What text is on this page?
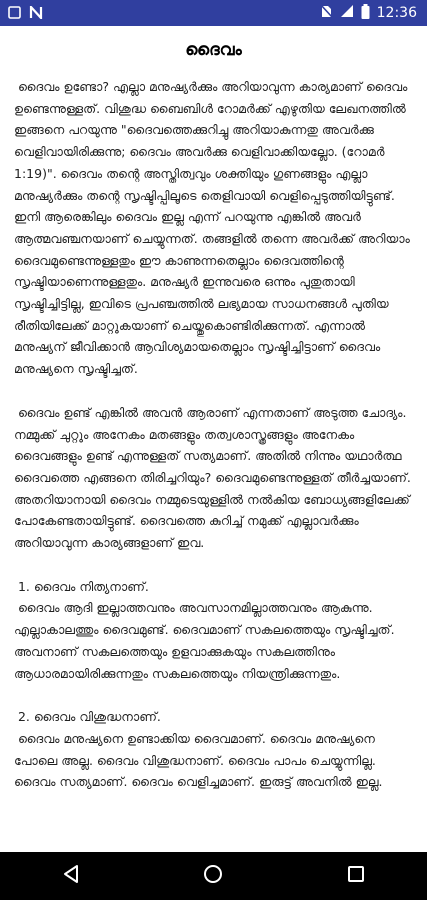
12:36
ദൈവം

ദൈവം ഉണ്ടോ? എല്ലാ മനുഷ്യർക്കും അറിയാവുന്ന കാര്യമാണ് ദൈവം ഉണ്ടെന്നുള്ളത്. വിശുദ്ധ ബൈബിൾ റോമർക്ക് എഴുതിയ ലേഖനത്തിൽ ഇങ്ങനെ പറയുന്നു "ദൈവത്തെക്കുറിച്ചു അറിയാകുന്നതു അവർക്കു വെളിവായിരിക്കുന്നു; ദൈവം അവർക്കു വെളിവാക്കിയല്ലോ. (റോമർ 1:19)". ദൈവം തന്റെ അസ്തിത്വവും ശക്തിയും ഗുണങ്ങളും എല്ലാ മനുഷ്യർക്കും തന്റെ സൃഷ്ടിപ്പിലൂടെ തെളിവായി വെളിപ്പെടുത്തിയിട്ടുണ്ട്. ഇനി ആരെങ്കിലും ദൈവം ഇല്ല എന്ന് പറയുന്നു എങ്കിൽ അവർ ആത്മവഞ്ചനയാണ് ചെയ്യുന്നത്. തങ്ങളിൽ തന്നെ അവർക്ക് അറിയാം ദൈവമുണ്ടെന്നുള്ളതും ഈ കാണുന്നതെല്ലാം ദൈവത്തിന്റെ സൃഷ്ടിയാണെന്നുള്ളതും. മനുഷ്യർ ഇന്നുവരെ ഒന്നും പുതുതായി സൃഷ്ടിച്ചിട്ടില്ല, ഇവിടെ പ്രപഞ്ചത്തിൽ ലഭ്യമായ സാധനങ്ങൾ പുതിയ രീതിയിലേക്ക് മാറ്റുകയാണ് ചെയ്തുകൊണ്ടിരിക്കുന്നത്. എന്നാൽ മനുഷ്യന് ജീവിക്കാൻ ആവിശ്യമായതെല്ലാം സൃഷ്ടിച്ചിട്ടാണ് ദൈവം മനുഷ്യനെ സൃഷ്ടിച്ചത്.

ദൈവം ഉണ്ട് എങ്കിൽ അവൻ ആരാണ് എന്നതാണ് അടുത്ത ചോദ്യം. നമ്മുക്ക് ചുറ്റും അനേകം മതങ്ങളും തത്വശാസ്ത്രങ്ങളും അനേകം ദൈവങ്ങളും ഉണ്ട് എന്നുള്ളത് സത്യമാണ്. അതിൽ നിന്നും യഥാർത്ഥ ദൈവത്തെ എങ്ങനെ തിരിച്ചറിയും? ദൈവമുണ്ടെന്നുള്ളത് തീർച്ചയാണ്. അതറിയാനായി ദൈവം നമ്മുടെയുള്ളിൽ നൽകിയ ബോധ്യങ്ങളിലേക്ക് പോകേണ്ടതായിട്ടുണ്ട്. ദൈവത്തെ കുറിച്ച് നമുക്ക് എല്ലാവർക്കും അറിയാവുന്ന കാര്യങ്ങളാണ് ഇവ.

1. ദൈവം നിത്യനാണ്.
ദൈവം ആദി ഇല്ലാത്തവനും അവസാനമില്ലാത്തവനും ആകുന്നു. എല്ലാകാലത്തും ദൈവമുണ്ട്. ദൈവമാണ് സകലത്തെയും സൃഷ്ടിച്ചത്. അവനാണ് സകലത്തെയും ഉളവാക്കുകയും സകലത്തിനും ആധാരമായിരിക്കുന്നതും സകലത്തെയും നിയന്ത്രിക്കുന്നതും.

2. ദൈവം വിശുദ്ധനാണ്.
ദൈവം മനുഷ്യനെ ഉണ്ടാക്കിയ ദൈവമാണ്. ദൈവം മനുഷ്യനെ പോലെ അല്ല. ദൈവം വിശുദ്ധനാണ്. ദൈവം പാപം ചെയ്യുന്നില്ല. ദൈവം സത്യമാണ്. ദൈവം വെളിച്ചമാണ്. ഇരുട്ട് അവനിൽ ഇല്ല.
